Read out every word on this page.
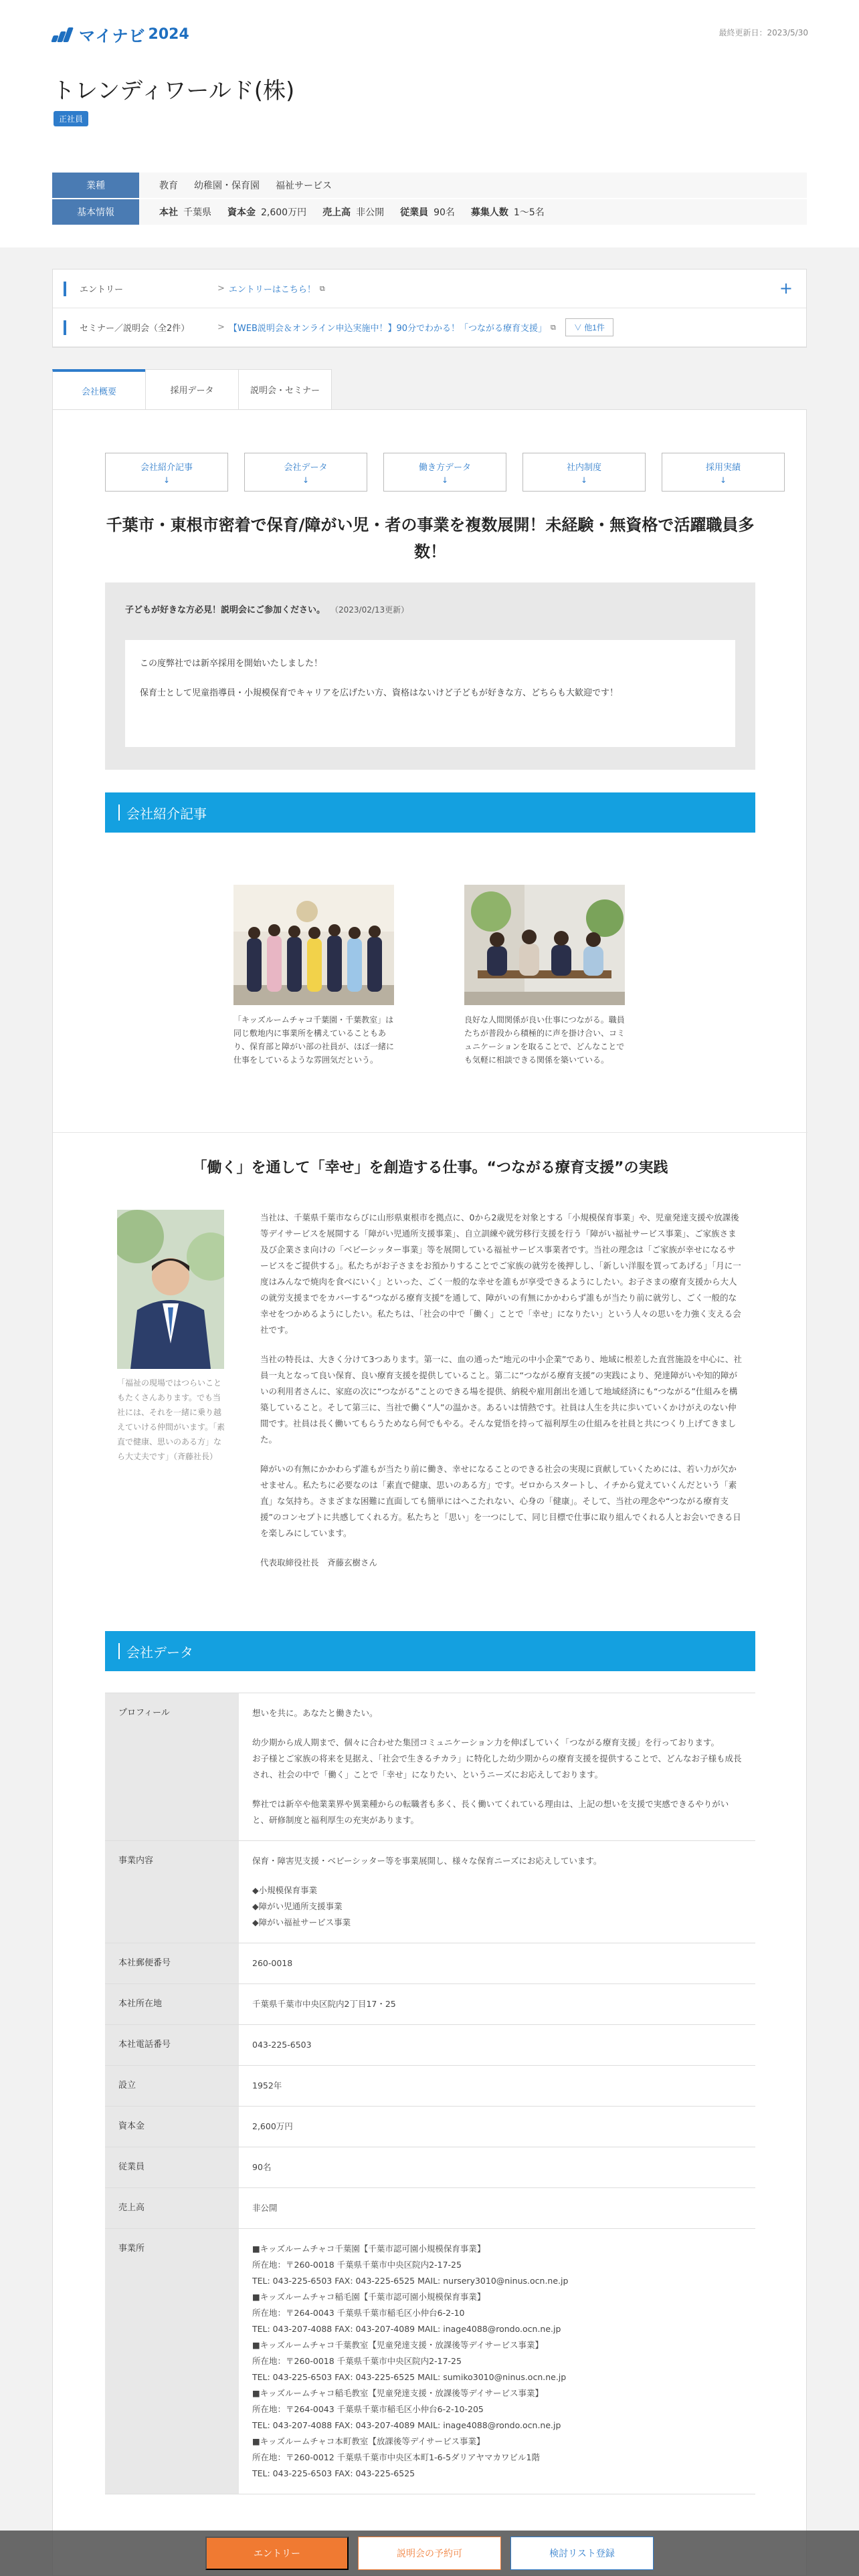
マイナビ 2024	最終更新日：2023/5/30
トレンディワールド(株)
正社員
業種	教育 幼稚園・保育園 福祉サービス
基本情報	本社 千葉県 資本金 2,600万円 売上高 非公開 従業員 90名 募集人数 1〜5名
エントリー	> エントリーはこちら！ ⧉
セミナー／説明会（全2件）	> 【WEB説明会＆オンライン申込実施中！】90分でわかる！「つながる療育支援」 ⧉	∨ 他1件
+
会社概要	採用データ	説明会・セミナー
会社紹介記事
↓
会社データ
↓
働き方データ
↓
社内制度
↓
採用実績
↓
千葉市・東根市密着で保育/障がい児・者の事業を複数展開！未経験・無資格で活躍職員多数！
子どもが好きな方必見！説明会にご参加ください。 （2023/02/13更新）

この度弊社では新卒採用を開始いたしました！

保育士として児童指導員・小規模保育でキャリアを広げたい方、資格はないけど子どもが好きな方、どちらも大歓迎です！

会社紹介記事

「キッズルームチャコ千葉園・千葉教室」は同じ敷地内に事業所を構えていることもあり、保育部と障がい部の社員が、ほぼ一緒に仕事をしているような雰囲気だという。

良好な人間関係が良い仕事につながる。職員たちが普段から積極的に声を掛け合い、コミュニケーションを取ることで、どんなことでも気軽に相談できる関係を築いている。

「働く」を通して「幸せ」を創造する仕事。“つながる療育支援”の実践

「福祉の現場ではつらいこともたくさんあります。でも当社には、それを一緒に乗り越えていける仲間がいます。「素直で健康、思いのある方」なら大丈夫です」（斉藤社長）

当社は、千葉県千葉市ならびに山形県東根市を拠点に、0から2歳児を対象とする「小規模保育事業」や、児童発達支援や放課後等デイサービスを展開する「障がい児通所支援事業」、自立訓練や就労移行支援を行う「障がい福祉サービス事業」、ご家族さま及び企業さま向けの「ベビーシッター事業」等を展開している福祉サービス事業者です。当社の理念は「ご家族が幸せになるサービスをご提供する」。私たちがお子さまをお預かりすることでご家族の就労を後押しし、「新しい洋服を買ってあげる」「月に一度はみんなで焼肉を食べにいく」といった、ごく一般的な幸せを誰もが享受できるようにしたい。お子さまの療育支援から大人の就労支援までをカバーする“つながる療育支援”を通して、障がいの有無にかかわらず誰もが当たり前に就労し、ごく一般的な幸せをつかめるようにしたい。私たちは、「社会の中で「働く」ことで「幸せ」になりたい」という人々の思いを力強く支える会社です。

当社の特長は、大きく分けて3つあります。第一に、血の通った“地元の中小企業”であり、地域に根差した直営施設を中心に、社員一丸となって良い保育、良い療育支援を提供していること。第二に“つながる療育支援”の実践により、発達障がいや知的障がいの利用者さんに、家庭の次に“つながる”ことのできる場を提供、納税や雇用創出を通して地域経済にも“つながる”仕組みを構築していること。そして第三に、当社で働く“人”の温かさ。あるいは情熱です。社員は人生を共に歩いていくかけがえのない仲間です。社員は長く働いてもらうためなら何でもやる。そんな覚悟を持って福利厚生の仕組みを社員と共につくり上げてきました。

障がいの有無にかかわらず誰もが当たり前に働き、幸せになることのできる社会の実現に貢献していくためには、若い力が欠かせません。私たちに必要なのは「素直で健康、思いのある方」です。ゼロからスタートし、イチから覚えていくんだという「素直」な気持ち。さまざまな困難に直面しても簡単にはへこたれない、心身の「健康」。そして、当社の理念や“つながる療育支援”のコンセプトに共感してくれる方。私たちと「思い」を一つにして、同じ目標で仕事に取り組んでくれる人とお会いできる日を楽しみにしています。

代表取締役社長　斉藤玄樹さん

会社データ
プロフィール	想いを共に。あなたと働きたい。

幼少期から成人期まで、個々に合わせた集団コミュニケーション力を伸ばしていく「つながる療育支援」を行っております。
お子様とご家族の将来を見据え、「社会で生きるチカラ」に特化した幼少期からの療育支援を提供することで、どんなお子様も成長され、社会の中で「働く」ことで「幸せ」になりたい、というニーズにお応えしております。

弊社では新卒や他業業界や異業種からの転職者も多く、長く働いてくれている理由は、上記の想いを支援で実感できるやりがいと、研修制度と福利厚生の充実があります。

事業内容	保育・障害児支援・ベビーシッター等を事業展開し、様々な保育ニーズにお応えしています。

◆小規模保育事業
◆障がい児通所支援事業
◆障がい福祉サービス事業

本社郵便番号	260-0018

本社所在地	千葉県千葉市中央区院内2丁目17・25

本社電話番号	043-225-6503

設立	1952年

資本金	2,600万円

従業員	90名

売上高	非公開

事業所	■キッズルームチャコ千葉園【千葉市認可園小規模保育事業】
所在地：〒260-0018 千葉県千葉市中央区院内2-17-25
TEL: 043-225-6503 FAX: 043-225-6525 MAIL: nursery3010@ninus.ocn.ne.jp
■キッズルームチャコ稲毛園【千葉市認可園小規模保育事業】
所在地：〒264-0043 千葉県千葉市稲毛区小仲台6-2-10
TEL: 043-207-4088 FAX: 043-207-4089 MAIL: inage4088@rondo.ocn.ne.jp
■キッズルームチャコ千葉教室【児童発達支援・放課後等デイサービス事業】
所在地：〒260-0018 千葉県千葉市中央区院内2-17-25
TEL: 043-225-6503 FAX: 043-225-6525 MAIL: sumiko3010@ninus.ocn.ne.jp
■キッズルームチャコ稲毛教室【児童発達支援・放課後等デイサービス事業】
所在地：〒264-0043 千葉県千葉市稲毛区小仲台6-2-10-205
TEL: 043-207-4088 FAX: 043-207-4089 MAIL: inage4088@rondo.ocn.ne.jp
■キッズルームチャコ本町教室【放課後等デイサービス事業】
所在地：〒260-0012 千葉県千葉市中央区本町1-6-5ダリアヤマカワビル1階
TEL: 043-225-6503 FAX: 043-225-6525

エントリー	説明会の予約可	検討リスト登録
